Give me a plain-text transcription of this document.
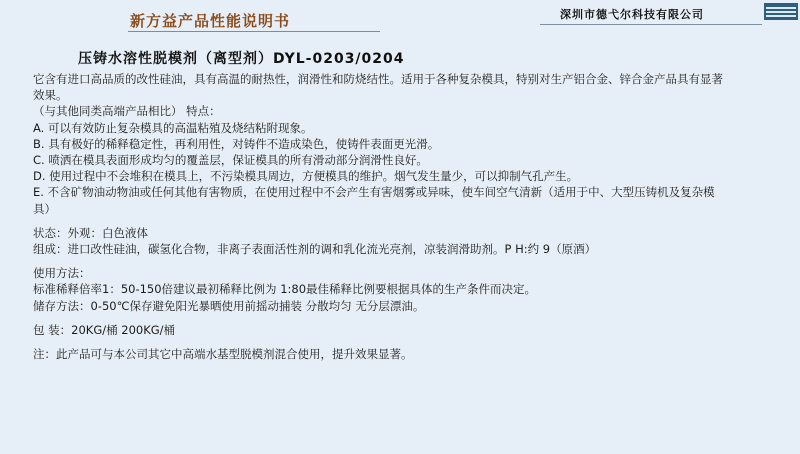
新方益产品性能说明书	深圳市德弋尔科技有限公司
压铸水溶性脱模剂（离型剂）DYL-0203/0204
它含有进口高品质的改性硅油，具有高温的耐热性，润滑性和防烧结性。适用于各种复杂模具，特别对生产铝合金、锌合金产品具有显著效果。
（与其他同类高端产品相比） 特点：
A. 可以有效防止复杂模具的高温粘殖及烧结粘附现象。
B. 具有极好的稀释稳定性，再利用性，对铸件不造成染色，使铸件表面更光滑。
C. 喷洒在模具表面形成均匀的覆盖层，保证模具的所有滑动部分润滑性良好。
D. 使用过程中不会堆积在模具上，不污染模具周边，方便模具的维护。烟气发生量少，可以抑制气孔产生。
E. 不含矿物油动物油或任何其他有害物质，在使用过程中不会产生有害烟雾或异味，使车间空气清新（适用于中、大型压铸机及复杂模具）
状态：外观：白色液体
组成：进口改性硅油，碳氢化合物，非离子表面活性剂的调和乳化流光亮剂，凉装润滑助剂。P H:约 9（原酒）
使用方法：
标准稀释倍率1：50-150倍建议最初稀释比例为 1:80最佳稀释比例要根据具体的生产条件而决定。
储存方法：0-50℃保存避免阳光暴晒使用前摇动捕装 分散均匀 无分层漂油。
包 装：20KG/桶 200KG/桶
注：此产品可与本公司其它中高端水基型脱模剂混合使用，提升效果显著。
